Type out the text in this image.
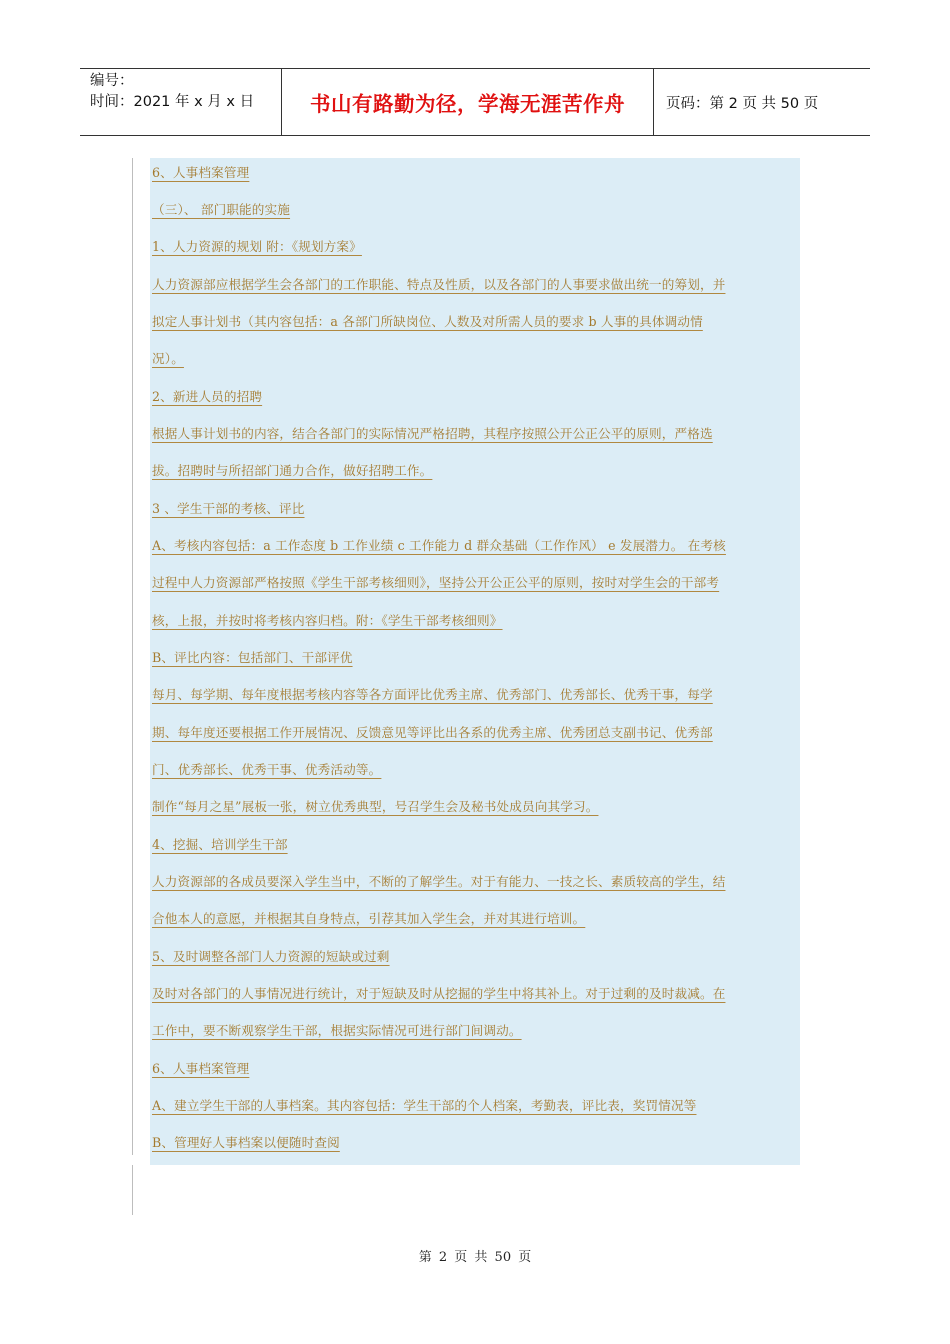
编号：
时间：2021 年 x 月 x 日	书山有路勤为径，学海无涯苦作舟	页码：第 2 页 共 50 页

6、人事档案管理

（三）、 部门职能的实施

1、人力资源的规划 附：《规划方案》

人力资源部应根据学生会各部门的工作职能、特点及性质，以及各部门的人事要求做出统一的筹划，并

拟定人事计划书（其内容包括：a 各部门所缺岗位、人数及对所需人员的要求 b 人事的具体调动情

况）。

2、新进人员的招聘

根据人事计划书的内容，结合各部门的实际情况严格招聘，其程序按照公开公正公平的原则，严格选

拔。招聘时与所招部门通力合作，做好招聘工作。

3 、学生干部的考核、评比

A、考核内容包括：a 工作态度 b 工作业绩 c 工作能力 d 群众基础（工作作风） e 发展潜力。 在考核

过程中人力资源部严格按照《学生干部考核细则》，坚持公开公正公平的原则，按时对学生会的干部考

核，上报，并按时将考核内容归档。附：《学生干部考核细则》

B、评比内容：包括部门、干部评优

每月、每学期、每年度根据考核内容等各方面评比优秀主席、优秀部门、优秀部长、优秀干事，每学

期、每年度还要根据工作开展情况、反馈意见等评比出各系的优秀主席、优秀团总支副书记、优秀部

门、优秀部长、优秀干事、优秀活动等。

制作“每月之星”展板一张，树立优秀典型，号召学生会及秘书处成员向其学习。

4、挖掘、培训学生干部

人力资源部的各成员要深入学生当中，不断的了解学生。对于有能力、一技之长、素质较高的学生，结

合他本人的意愿，并根据其自身特点，引荐其加入学生会，并对其进行培训。

5、及时调整各部门人力资源的短缺或过剩

及时对各部门的人事情况进行统计，对于短缺及时从挖掘的学生中将其补上。对于过剩的及时裁减。在

工作中，要不断观察学生干部，根据实际情况可进行部门间调动。

6、人事档案管理

A、建立学生干部的人事档案。其内容包括：学生干部的个人档案，考勤表，评比表，奖罚情况等

B、管理好人事档案以便随时查阅

第 2 页 共 50 页
